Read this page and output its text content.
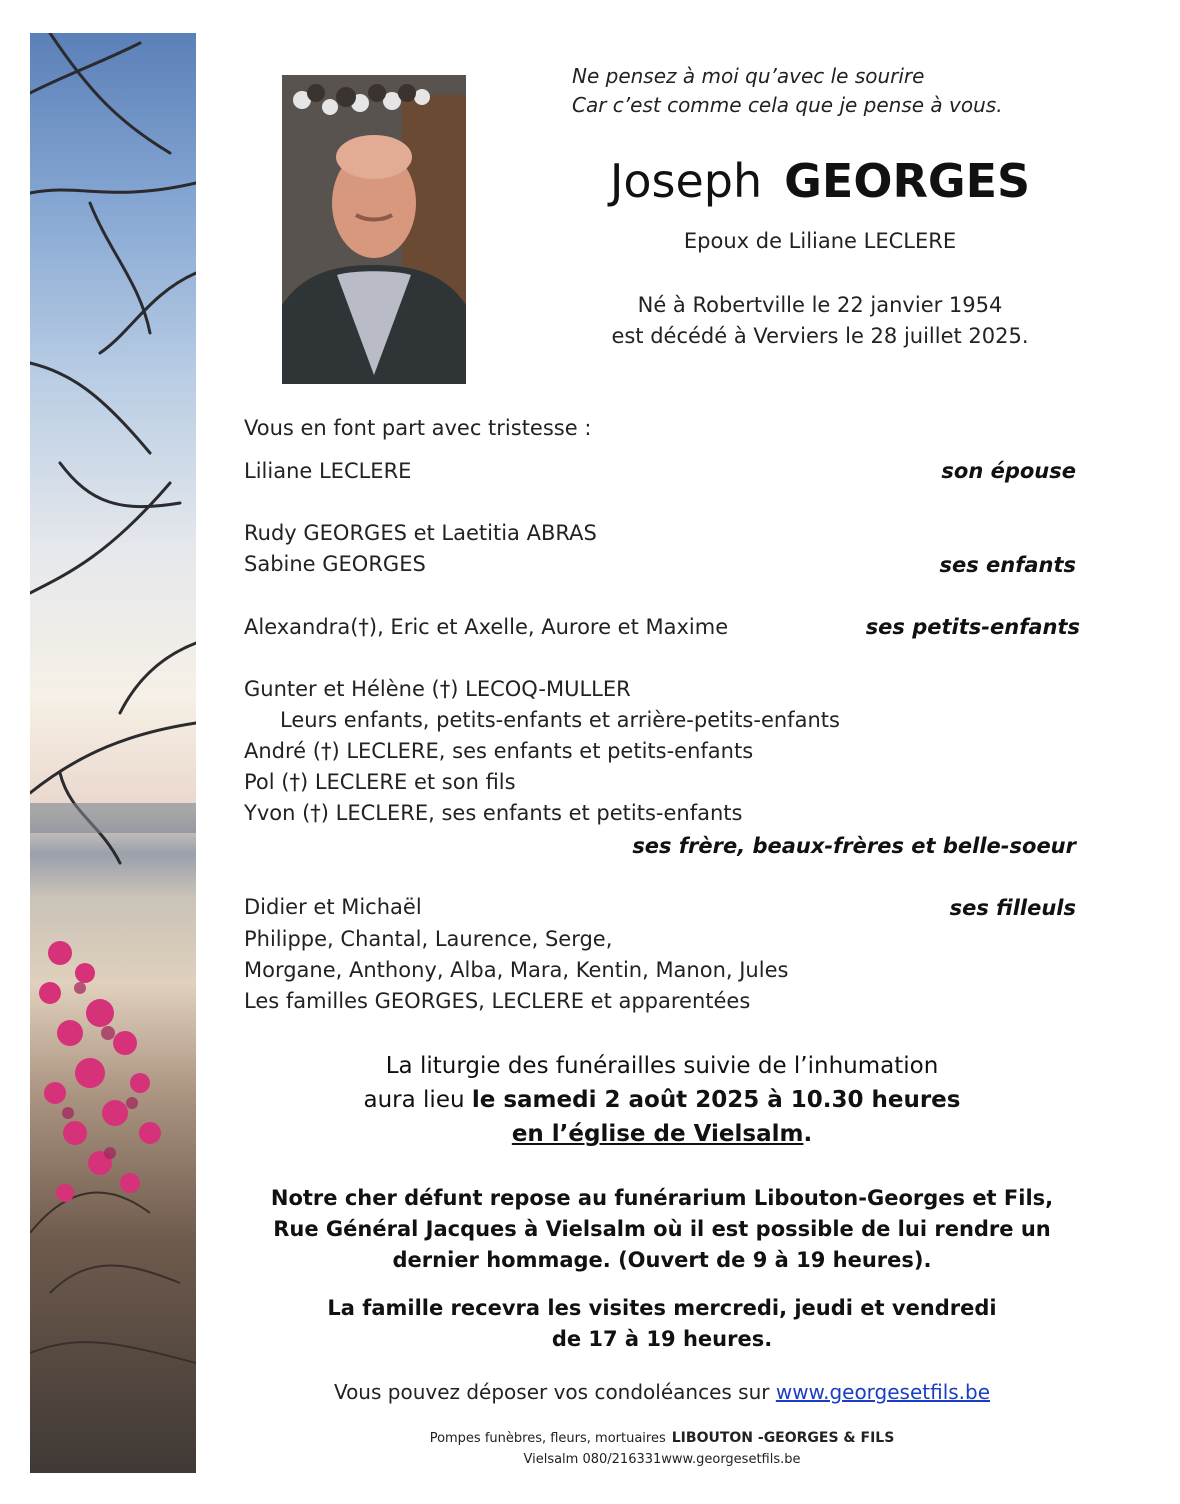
Ne pensez à moi qu’avec le sourire
Car c’est comme cela que je pense à vous.
Joseph GEORGES
Epoux de Liliane LECLERE
Né à Robertville le 22 janvier 1954
est décédé à Verviers le 28 juillet 2025.
Vous en font part avec tristesse :
Liliane LECLERE	son épouse
Rudy GEORGES et Laetitia ABRAS
Sabine GEORGES	ses enfants
Alexandra(†), Eric et Axelle, Aurore et Maxime	ses petits-enfants
Gunter et Hélène (†) LECOQ-MULLER
Leurs enfants, petits-enfants et arrière-petits-enfants
André (†) LECLERE, ses enfants et petits-enfants
Pol (†) LECLERE et son fils
Yvon (†) LECLERE, ses enfants et petits-enfants
ses frère, beaux-frères et belle-soeur
Didier et Michaël	ses filleuls
Philippe, Chantal, Laurence, Serge,
Morgane, Anthony, Alba, Mara, Kentin, Manon, Jules
Les familles GEORGES, LECLERE et apparentées
La liturgie des funérailles suivie de l’inhumation
aura lieu le samedi 2 août 2025 à 10.30 heures
en l’église de Vielsalm.
Notre cher défunt repose au funérarium Libouton-Georges et Fils,
Rue Général Jacques à Vielsalm où il est possible de lui rendre un
dernier hommage. (Ouvert de 9 à 19 heures).
La famille recevra les visites mercredi, jeudi et vendredi
de 17 à 19 heures.
Vous pouvez déposer vos condoléances sur www.georgesetfils.be
Pompes funèbres, fleurs, mortuaires LIBOUTON -GEORGES & FILS
Vielsalm 080/216331www.georgesetfils.be
